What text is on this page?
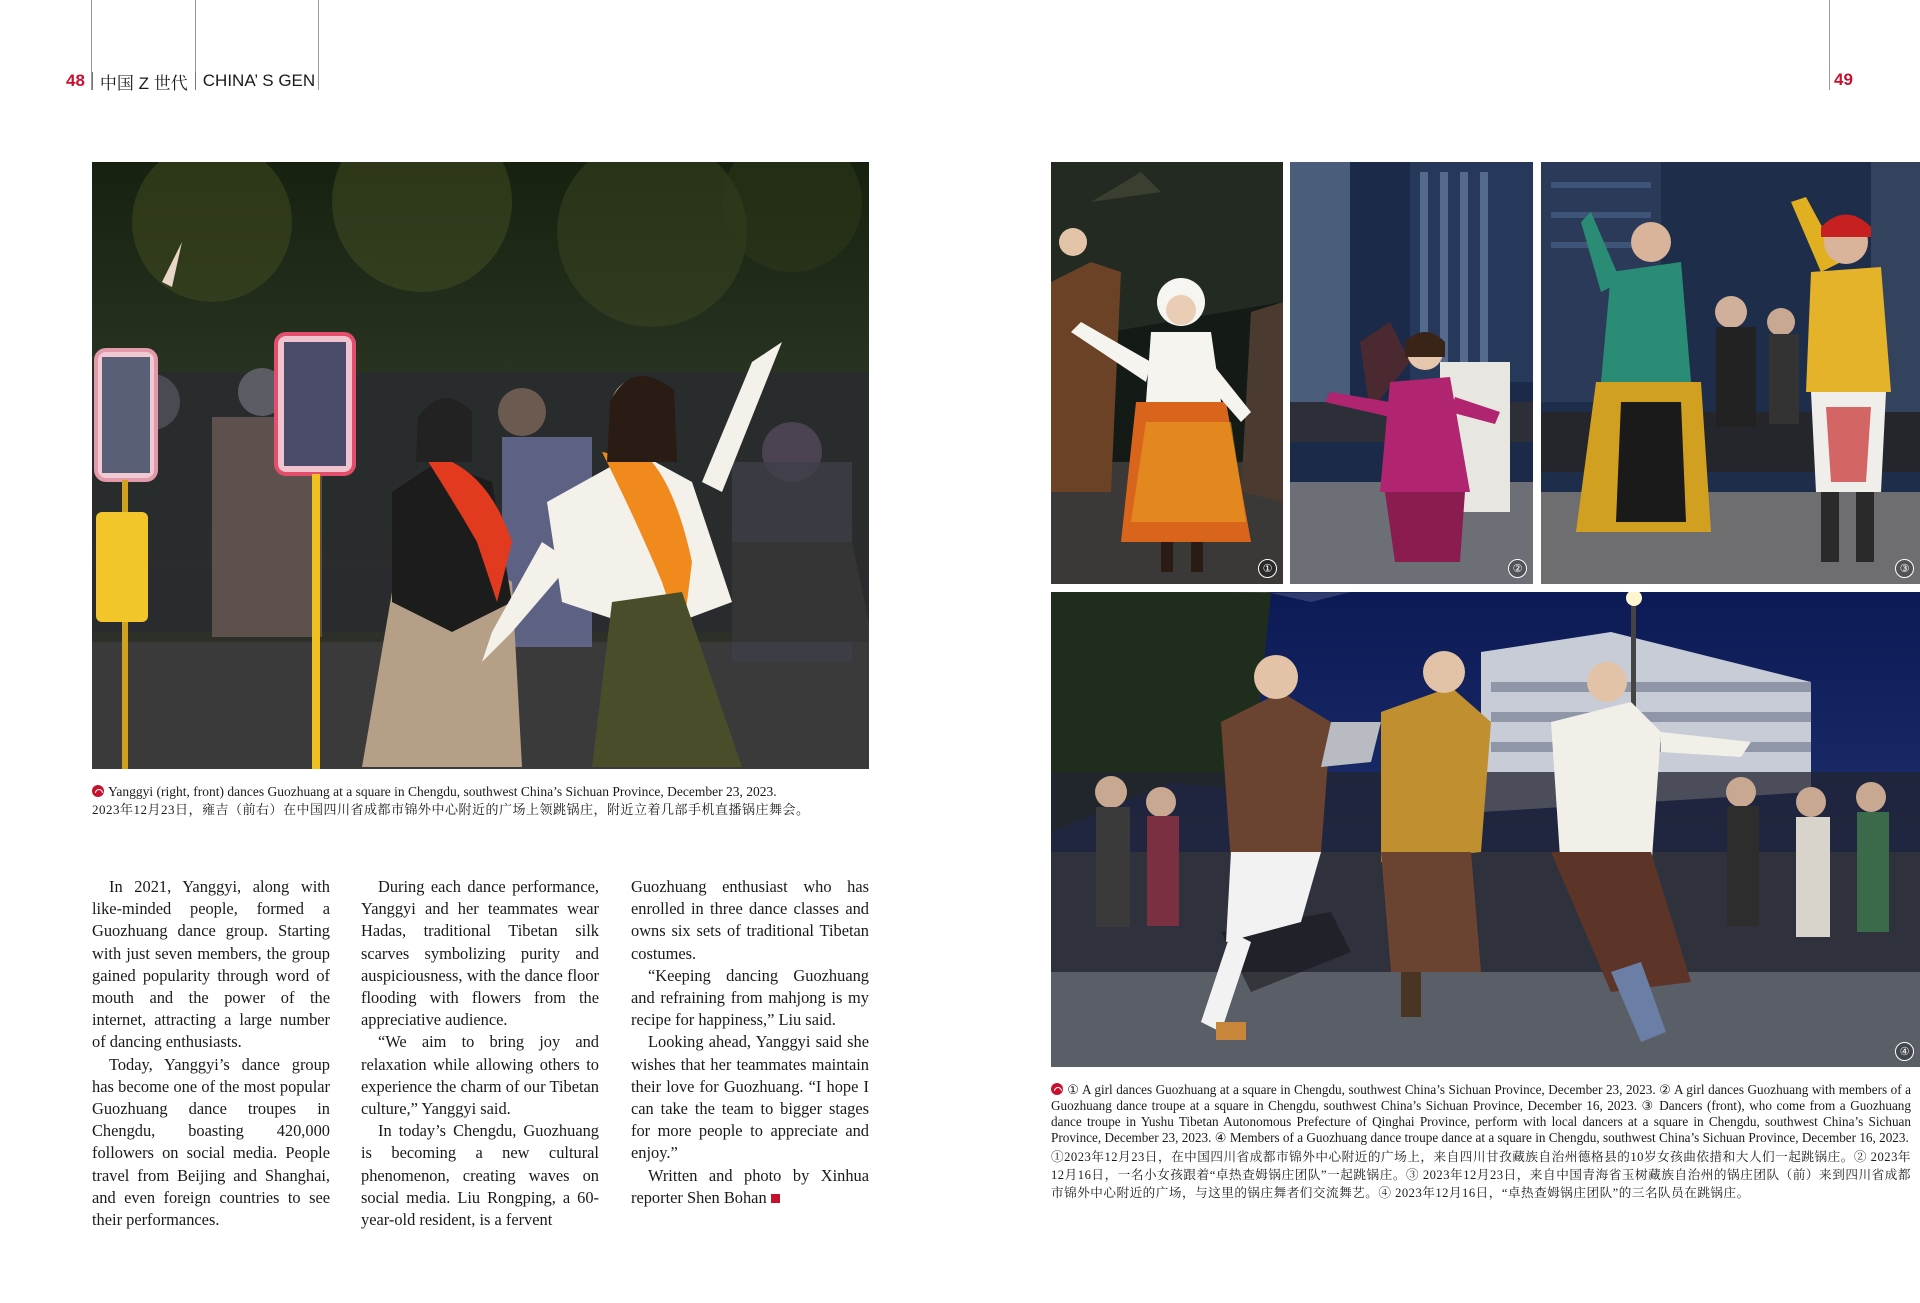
48 中国 Z 世代 CHINA’ S GEN	49
Yanggyi (right, front) dances Guozhuang at a square in Chengdu, southwest China’s Sichuan Province, December 23, 2023.
2023年12月23日，雍吉（前右）在中国四川省成都市锦外中心附近的广场上领跳锅庄，附近立着几部手机直播锅庄舞会。

In 2021, Yanggyi, along with like-minded people, formed a Guozhuang dance group. Starting with just seven members, the group gained popularity through word of mouth and the power of the internet, attracting a large number of dancing enthusiasts.

Today, Yanggyi’s dance group has become one of the most popular Guozhuang dance troupes in Chengdu, boasting 420,000 followers on social media. People travel from Beijing and Shanghai, and even foreign countries to see their performances.

During each dance performance, Yanggyi and her teammates wear Hadas, traditional Tibetan silk scarves symbolizing purity and auspiciousness, with the dance floor flooding with flowers from the appreciative audience.

“We aim to bring joy and relaxation while allowing others to experience the charm of our Tibetan culture,” Yanggyi said.

In today’s Chengdu, Guozhuang is becoming a new cultural phenomenon, creating waves on social media. Liu Rongping, a 60-year-old resident, is a fervent

Guozhuang enthusiast who has enrolled in three dance classes and owns six sets of traditional Tibetan costumes.

“Keeping dancing Guozhuang and refraining from mahjong is my recipe for happiness,” Liu said.

Looking ahead, Yanggyi said she wishes that her teammates maintain their love for Guozhuang. “I hope I can take the team to bigger stages for more people to appreciate and enjoy.”

Written and photo by Xinhua reporter Shen Bohan

①	②	③
④
① A girl dances Guozhuang at a square in Chengdu, southwest China’s Sichuan Province, December 23, 2023. ② A girl dances Guozhuang with members of a Guozhuang dance troupe at a square in Chengdu, southwest China’s Sichuan Province, December 16, 2023. ③ Dancers (front), who come from a Guozhuang dance troupe in Yushu Tibetan Autonomous Prefecture of Qinghai Province, perform with local dancers at a square in Chengdu, southwest China’s Sichuan Province, December 23, 2023. ④ Members of a Guozhuang dance troupe dance at a square in Chengdu, southwest China’s Sichuan Province, December 16, 2023.
①2023年12月23日，在中国四川省成都市锦外中心附近的广场上，来自四川甘孜藏族自治州德格县的10岁女孩曲依措和大人们一起跳锅庄。② 2023年12月16日，一名小女孩跟着“卓热查姆锅庄团队”一起跳锅庄。③ 2023年12月23日，来自中国青海省玉树藏族自治州的锅庄团队（前）来到四川省成都市锦外中心附近的广场，与这里的锅庄舞者们交流舞艺。④ 2023年12月16日，“卓热查姆锅庄团队”的三名队员在跳锅庄。
